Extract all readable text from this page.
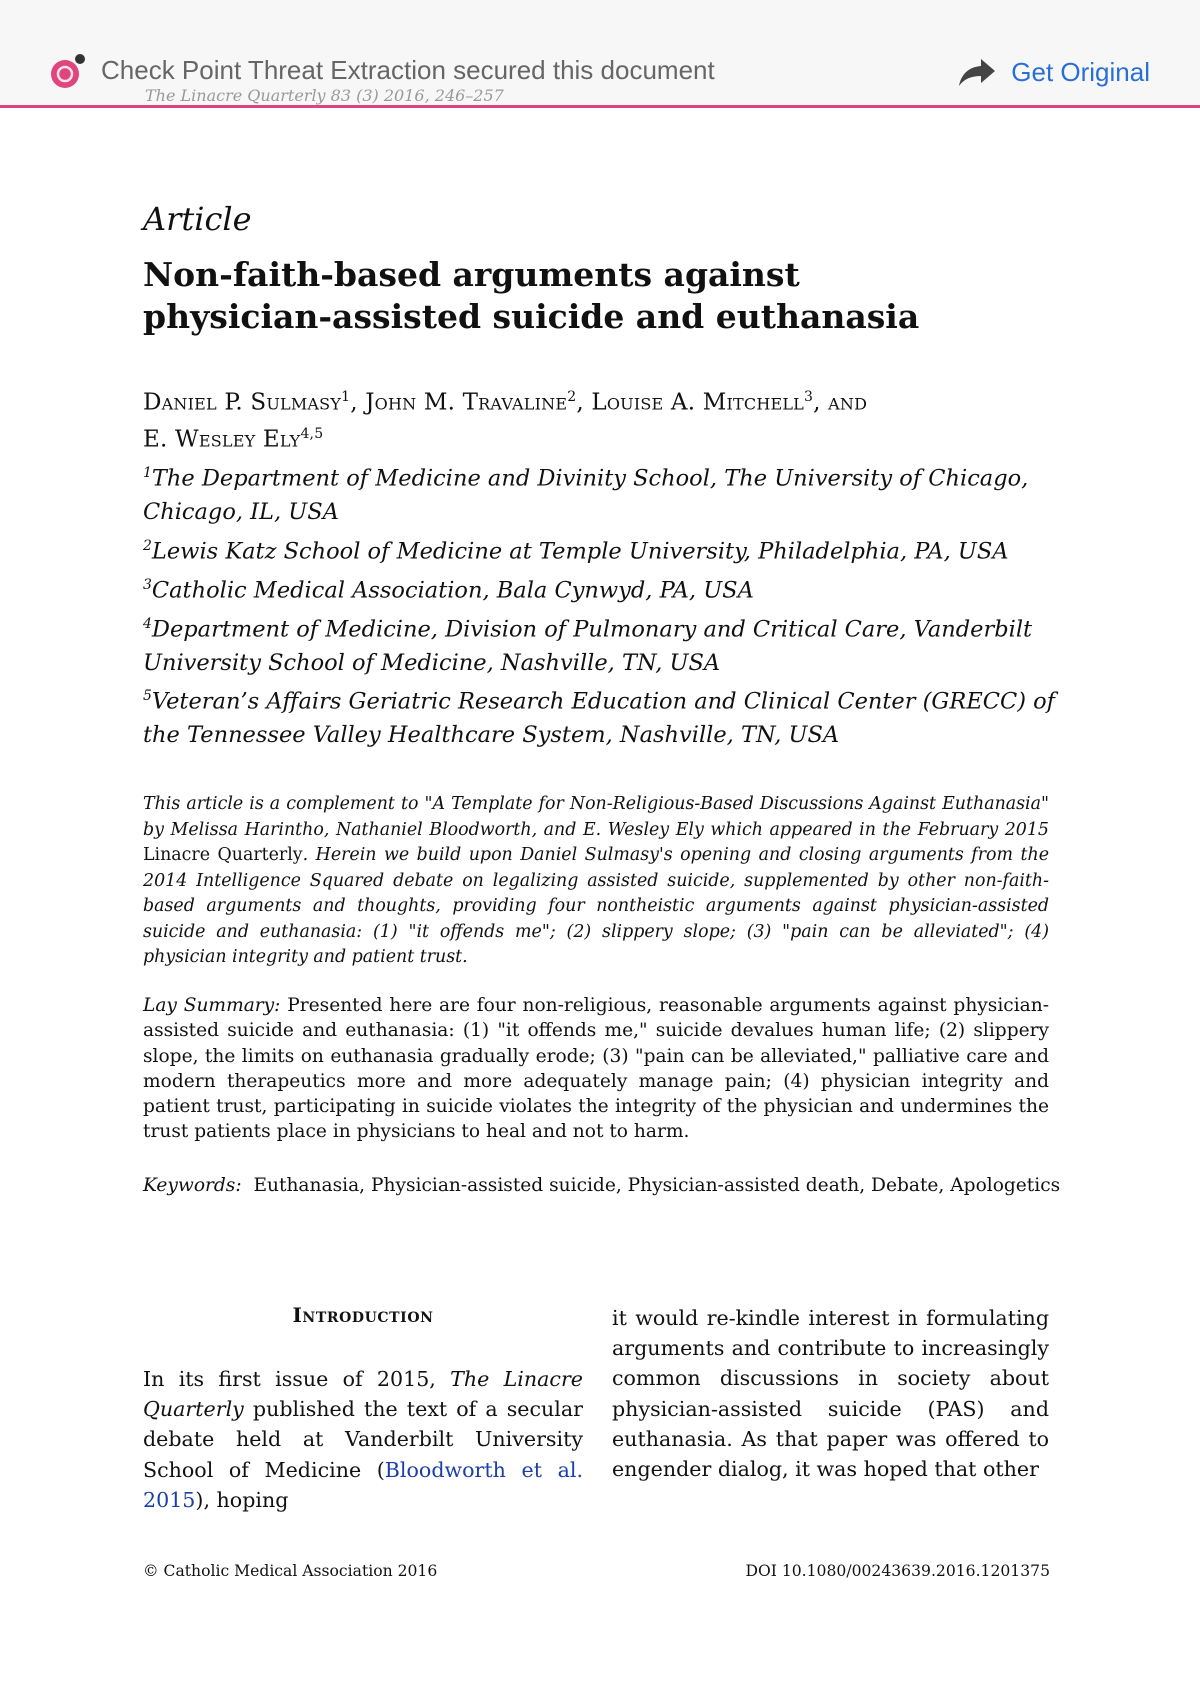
Check Point Threat Extraction secured this document	Get Original
The Linacre Quarterly 83 (3) 2016, 246–257
Article
Non-faith-based arguments against
physician-assisted suicide and euthanasia
Daniel P. Sulmasy$^1$, John M. Travaline$^2$, Louise A. Mitchell$^3$, and
E. Wesley Ely$^{4,5}$

$^1$The Department of Medicine and Divinity School, The University of Chicago, Chicago, IL, USA

$^2$Lewis Katz School of Medicine at Temple University, Philadelphia, PA, USA

$^3$Catholic Medical Association, Bala Cynwyd, PA, USA

$^4$Department of Medicine, Division of Pulmonary and Critical Care, Vanderbilt University School of Medicine, Nashville, TN, USA

$^5$Veteran’s Affairs Geriatric Research Education and Clinical Center (GRECC) of the Tennessee Valley Healthcare System, Nashville, TN, USA

This article is a complement to "A Template for Non-Religious-Based Discussions Against Euthanasia" by Melissa Harintho, Nathaniel Bloodworth, and E. Wesley Ely which appeared in the February 2015 Linacre Quarterly. Herein we build upon Daniel Sulmasy's opening and closing arguments from the 2014 Intelligence Squared debate on legalizing assisted suicide, supplemented by other non-faith-based arguments and thoughts, providing four nontheistic arguments against physician-assisted suicide and euthanasia: (1) "it offends me"; (2) slippery slope; (3) "pain can be alleviated"; (4) physician integrity and patient trust.

Lay Summary: Presented here are four non-religious, reasonable arguments against physician-assisted suicide and euthanasia: (1) "it offends me," suicide devalues human life; (2) slippery slope, the limits on euthanasia gradually erode; (3) "pain can be alleviated," palliative care and modern therapeutics more and more adequately manage pain; (4) physician integrity and patient trust, participating in suicide violates the integrity of the physician and undermines the trust patients place in physicians to heal and not to harm.

Keywords: Euthanasia, Physician-assisted suicide, Physician-assisted death, Debate, Apologetics

Introduction

In its first issue of 2015, The Linacre Quarterly published the text of a secular debate held at Vanderbilt University School of Medicine (Bloodworth et al. 2015), hoping

it would re-kindle interest in formulating arguments and contribute to increasingly common discussions in society about physician-assisted suicide (PAS) and euthanasia. As that paper was offered to engender dialog, it was hoped that other

© Catholic Medical Association 2016	DOI 10.1080/00243639.2016.1201375
